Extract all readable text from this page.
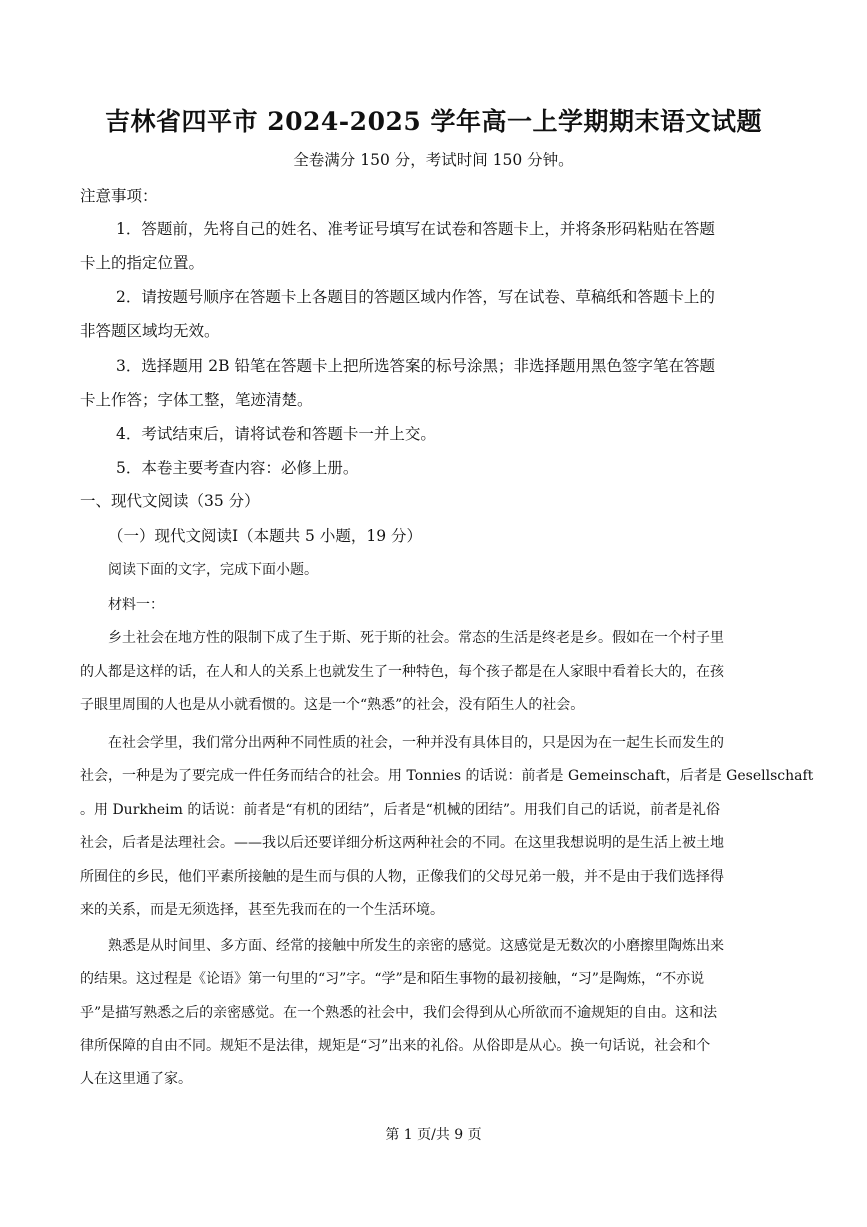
吉林省四平市 2024-2025 学年高一上学期期末语文试题
全卷满分 150 分，考试时间 150 分钟。
注意事项：
1．答题前，先将自己的姓名、准考证号填写在试卷和答题卡上，并将条形码粘贴在答题
卡上的指定位置。
2．请按题号顺序在答题卡上各题目的答题区域内作答，写在试卷、草稿纸和答题卡上的
非答题区域均无效。
3．选择题用 2B 铅笔在答题卡上把所选答案的标号涂黑；非选择题用黑色签字笔在答题
卡上作答；字体工整，笔迹清楚。
4．考试结束后，请将试卷和答题卡一并上交。
5．本卷主要考查内容：必修上册。
一、现代文阅读（35 分）
（一）现代文阅读Ⅰ（本题共 5 小题，19 分）
阅读下面的文字，完成下面小题。
材料一：
乡土社会在地方性的限制下成了生于斯、死于斯的社会。常态的生活是终老是乡。假如在一个村子里
的人都是这样的话，在人和人的关系上也就发生了一种特色，每个孩子都是在人家眼中看着长大的，在孩
子眼里周围的人也是从小就看惯的。这是一个“熟悉”的社会，没有陌生人的社会。
在社会学里，我们常分出两种不同性质的社会，一种并没有具体目的，只是因为在一起生长而发生的
社会，一种是为了要完成一件任务而结合的社会。用 Tonnies 的话说：前者是 Gemeinschaft，后者是 Gesellschaft
。用 Durkheim 的话说：前者是“有机的团结”，后者是“机械的团结”。用我们自己的话说，前者是礼俗
社会，后者是法理社会。——我以后还要详细分析这两种社会的不同。在这里我想说明的是生活上被土地
所囿住的乡民，他们平素所接触的是生而与俱的人物，正像我们的父母兄弟一般，并不是由于我们选择得
来的关系，而是无须选择，甚至先我而在的一个生活环境。
熟悉是从时间里、多方面、经常的接触中所发生的亲密的感觉。这感觉是无数次的小磨擦里陶炼出来
的结果。这过程是《论语》第一句里的“习”字。“学”是和陌生事物的最初接触，“习”是陶炼，“不亦说
乎”是描写熟悉之后的亲密感觉。在一个熟悉的社会中，我们会得到从心所欲而不逾规矩的自由。这和法
律所保障的自由不同。规矩不是法律，规矩是“习”出来的礼俗。从俗即是从心。换一句话说，社会和个
人在这里通了家。
第 1 页/共 9 页
